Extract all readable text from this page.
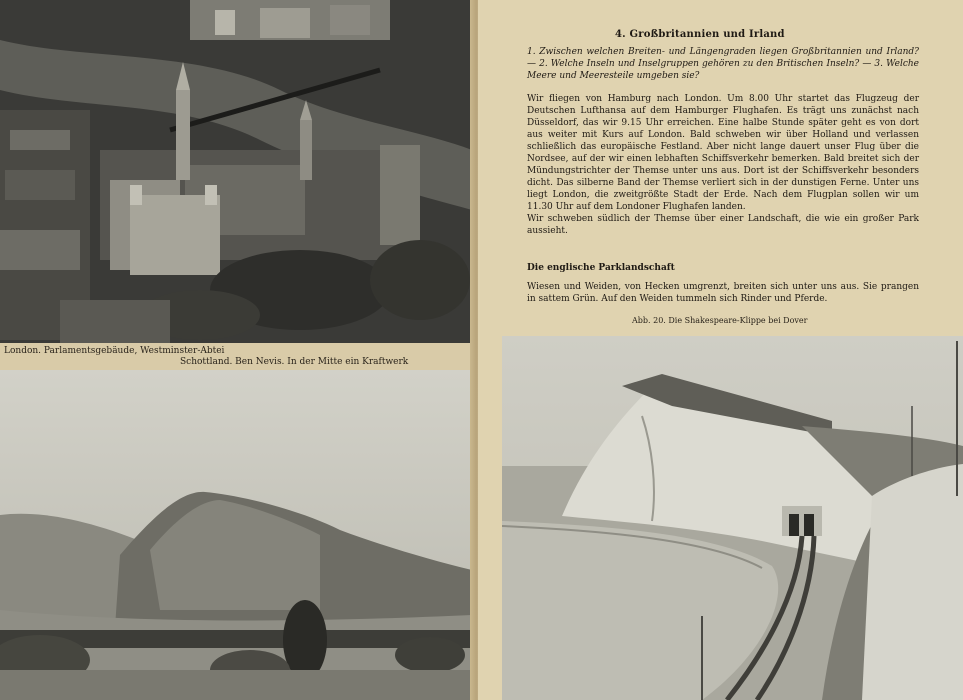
London. Parlamentsgebäude, Westminster-Abtei
Schottland. Ben Nevis. In der Mitte ein Kraftwerk
4. Großbritannien und Irland
1. Zwischen welchen Breiten- und Längengraden liegen Großbritannien und Irland? — 2. Welche Inseln und Inselgruppen gehören zu den Britischen Inseln? — 3. Welche Meere und Meeresteile umgeben sie?
Wir fliegen von Hamburg nach London. Um 8.00 Uhr startet das Flugzeug der Deutschen Lufthansa auf dem Hamburger Flughafen. Es trägt uns zunächst nach Düsseldorf, das wir 9.15 Uhr erreichen. Eine halbe Stunde später geht es von dort aus weiter mit Kurs auf London. Bald schweben wir über Holland und verlassen schließlich das europäische Festland. Aber nicht lange dauert unser Flug über die Nordsee, auf der wir einen lebhaften Schiffsverkehr bemerken. Bald breitet sich der Mündungstrichter der Themse unter uns aus. Dort ist der Schiffsverkehr besonders dicht. Das silberne Band der Themse verliert sich in der dunstigen Ferne. Unter uns liegt London, die zweitgrößte Stadt der Erde. Nach dem Flugplan sollen wir um 11.30 Uhr auf dem Londoner Flughafen landen.
Wir schweben südlich der Themse über einer Landschaft, die wie ein großer Park aussieht.
Die englische Parklandschaft
Wiesen und Weiden, von Hecken umgrenzt, breiten sich unter uns aus. Sie prangen in sattem Grün. Auf den Weiden tummeln sich Rinder und Pferde.
Abb. 20. Die Shakespeare-Klippe bei Dover
